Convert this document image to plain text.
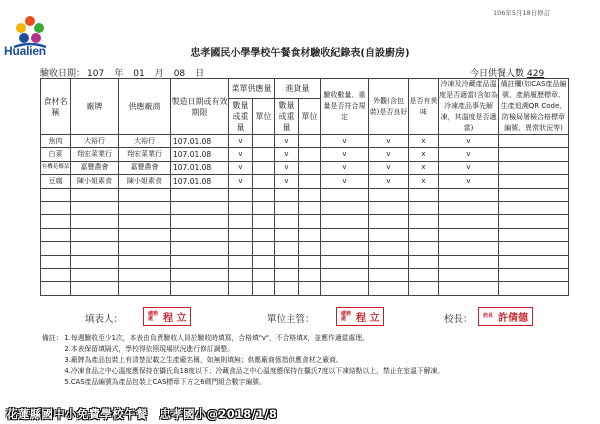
Hualien
106年5月18日修訂
忠孝國民小學學校午餐食材驗收紀錄表(自設廚房)
驗收日期： 107 年 01 月 08 日	今日供餐人數 429
食材名稱	廠牌	供應廠商	製造日期或有效期限	菜單供應量		進貨量		驗收數量、重量是否符合規定	外觀(含包裝)是否良好	是否有異味	冷凍及冷藏產品溫度是否適當(含如為冷凍產品事先解凍，其溫度是否適當)	備註欄(如CAS產品編號、產銷履歷標章、生產追溯QR Code、防檢局屠檢合格標章編號、異常狀況等)
				數量或重量	單位	數量或重量	單位					
魚肉	大裕行	大裕行	107.01.08	v		v		v	v	x	v	
白菜	翔宏菜業行	翔宏菜業行	107.01.08	v		v		v	v	x	v	
有機花椰菜	嘉豐農會	嘉豐農會	107.01.08	v		v		v	v	x	v	
豆腐	陳小姐素食	陳小姐素食	107.01.08	v		v		v	v	x	v	

填表人：
總務處 程 立	單位主管：
總務處 程 立	校長： 校長 許倩德
備註： 1.每週驗收至少1次，本表由負責驗收人員於驗收時填寫，合格填"v"，不合格填X，並應作適當處理。
2.本表保留填隔式，學校得依照現場狀況進行修訂調整。
3.廠牌為產品包裝上有清楚記載之生產廠名稱，如無則填無；供應廠商係指供應食材之廠商。
4.冷凍食品之中心溫度應保持在攝氏負18度以下；冷藏食品之中心溫度應保持在攝氏7度以下凍結點以上，禁止在室溫下解凍。
5.CAS產品編號為產品包裝上CAS標章下方之6碼門組合數字編號。
花蓮縣國中小免費學校午餐　忠孝國小@2018/1/8
